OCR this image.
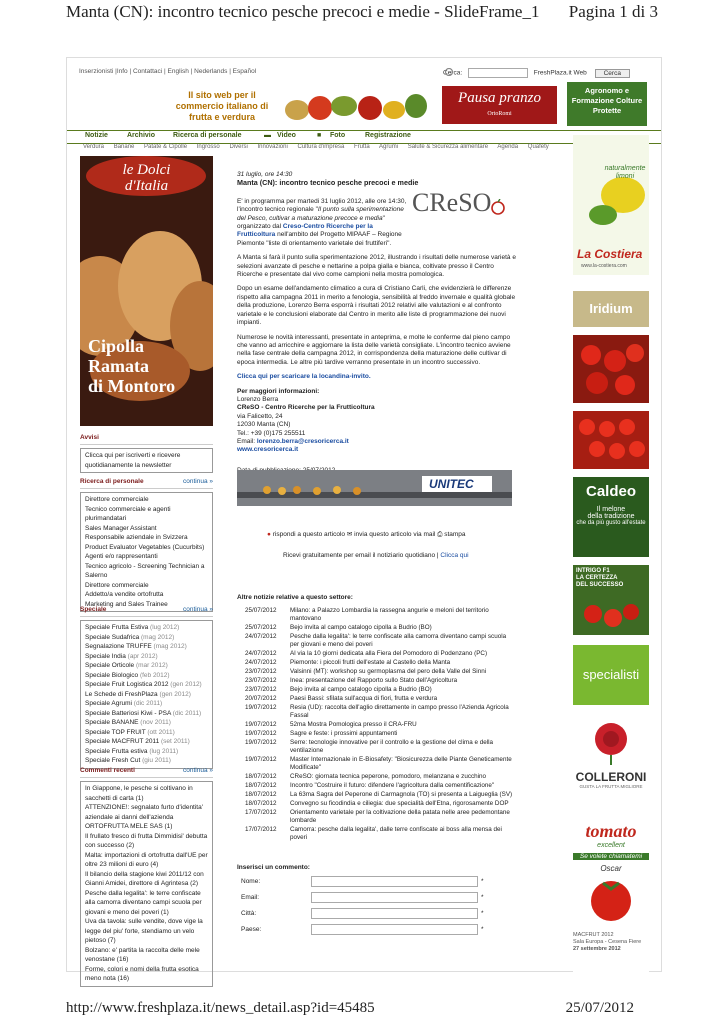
Manta (CN): incontro tecnico pesche precoci e medie - SlideFrame_1 Pagina 1 di 3
Inserzionisti |Info | Contattaci | English | Nederlands | Español	Cerca:	FreshPlaza.it Web	Cerca
Il sito web per il commercio italiano di frutta e verdura
Pausa pranzo
OrtoRomi
Agronomo e
Formazione Colture
Protette
Notizie	Archivio	Ricerca di personale	▬ Video	■ Foto	Registrazione
Verdura Banane Patate & Cipolle Ingrosso Diversi Innovazioni Cultura d'impresa Frutta Agrumi Salute & Sicurezza alimentare Agenda Quafety
le Dolci
d'Italia
Cipolla
Ramata
di Montoro
Avvisi
Clicca qui per iscriverti e ricevere quotidianamente la newsletter
Ricerca di personale	continua »
Direttore commerciale
Tecnico commerciale e agenti plurimandatari
Sales Manager Assistant
Responsabile aziendale in Svizzera
Product Evaluator Vegetables (Cucurbits)
Agenti e/o rappresentanti
Tecnico agricolo - Screening Technician a Salerno
Direttore commerciale
Addetto/a vendite ortofrutta
Marketing and Sales Trainee
Speciale	continua »
Speciale Frutta Estiva (lug 2012)
Speciale Sudafrica (mag 2012)
Segnalazione TRUFFE (mag 2012)
Speciale India (apr 2012)
Speciale Orticole (mar 2012)
Speciale Biologico (feb 2012)
Speciale Fruit Logistica 2012 (gen 2012)
Le Schede di FreshPlaza (gen 2012)
Speciale Agrumi (dic 2011)
Speciale Batteriosi Kiwi - PSA (dic 2011)
Speciale BANANE (nov 2011)
Speciale TOP FRUIT (ott 2011)
Speciale MACFRUT 2011 (set 2011)
Speciale Frutta estiva (lug 2011)
Speciale Fresh Cut (giu 2011)
Commenti recenti	continua »
In Giappone, le pesche si coltivano in sacchetti di carta (1)
ATTENZIONE!: segnalato furto d'identita' aziendale ai danni dell'azienda ORTOFRUTTA MELE SAS (1)
Il frullato fresco di frutta Dimmidisi' debutta con successo (2)
Malta: importazioni di ortofrutta dall'UE per oltre 23 milioni di euro (4)
Il bilancio della stagione kiwi 2011/12 con Gianni Amidei, direttore di Agrintesa (2)
Pesche dalla legalita': le terre confiscate alla camorra diventano campi scuola per giovani e meno dei poveri (1)
Uva da tavola: sulle vendite, dove vige la legge del piu' forte, stendiamo un velo pietoso (7)
Bolzano: e' partita la raccolta delle mele venostane (16)
Forme, colori e nomi della frutta esotica meno nota (16)
31 luglio, ore 14:30
Manta (CN): incontro tecnico pesche precoci e medie
CReSO

E' in programma per martedi 31 luglio 2012, alle ore 14:30, l'incontro tecnico regionale "Il punto sulla sperimentazione del Pesco, cultivar a maturazione precoce e media" organizzato dal Creso-Centro Ricerche per la Frutticoltura nell'ambito del Progetto MIPAAF – Regione Piemonte "liste di orientamento varietale dei fruttiferi".

A Manta si farà il punto sulla sperimentazione 2012, illustrando i risultati delle numerose varietà e selezioni avanzate di pesche e nettarine a polpa gialla e bianca, coltivate presso il Centro Ricerche e presentate dal vivo come campioni nella mostra pomologica.

Dopo un esame dell'andamento climatico a cura di Cristiano Carli, che evidenzierà le differenze rispetto alla campagna 2011 in merito a fenologia, sensibilità al freddo invernale e qualità globale della produzione, Lorenzo Berra esporrà i risultati 2012 relativi alle valutazioni e al confronto varietale e le conclusioni elaborate dal Centro in merito alle liste di programmazione dei nuovi impianti.

Numerose le novità interessanti, presentate in anteprima, e molte le conferme dal pieno campo che vanno ad arricchire e aggiornare la lista delle varietà consigliate. L'incontro tecnico avviene nella fase centrale della campagna 2012, in corrispondenza della maturazione delle cultivar di epoca intermedia. Le altre più tardive verranno presentate in un incontro successivo.

Clicca qui per scaricare la locandina-invito.

Per maggiori informazioni:
Lorenzo Berra
CReSO - Centro Ricerche per la Frutticoltura
via Falicetto, 24
12030 Manta (CN)
Tel.: +39 (0)175 255511
Email: lorenzo.berra@cresoricerca.it
www.cresoricerca.it

UNITEC
● rispondi a questo articolo ✉ invia questo articolo via mail ⎙ stampa
Ricevi gratuitamente per email il notiziario quotidiano | Clicca qui
Altre notizie relative a questo settore:
25/07/2012	Milano: a Palazzo Lombardia la rassegna angurie e meloni del territorio mantovano
25/07/2012	Bejo invita al campo catalogo cipolla a Budrio (BO)
24/07/2012	Pesche dalla legalita': le terre confiscate alla camorra diventano campi scuola per giovani e meno dei poveri
24/07/2012	Al via la 10 giorni dedicata alla Fiera del Pomodoro di Podenzano (PC)
24/07/2012	Piemonte: i piccoli frutti dell'estate al Castello della Manta
23/07/2012	Valsinni (MT): workshop su germoplasma del pero della Valle del Sinni
23/07/2012	Inea: presentazione del Rapporto sullo Stato dell'Agricoltura
23/07/2012	Bejo invita al campo catalogo cipolla a Budrio (BO)
20/07/2012	Paesi Bassi: sfilata sull'acqua di fiori, frutta e verdura
19/07/2012	Resia (UD): raccolta dell'aglio direttamente in campo presso l'Azienda Agricola Fassal
19/07/2012	52ma Mostra Pomologica presso il CRA-FRU
19/07/2012	Sagre e feste: i prossimi appuntamenti
19/07/2012	Serre: tecnologie innovative per il controllo e la gestione del clima e della ventilazione
19/07/2012	Master Internazionale in E-Biosafety: "Biosicurezza delle Piante Geneticamente Modificate"
18/07/2012	CReSO: giornata tecnica peperone, pomodoro, melanzana e zucchino
18/07/2012	Incontro "Costruire il futuro: difendere l'agricoltura dalla cementificazione"
18/07/2012	La 63ma Sagra del Peperone di Carmagnola (TO) si presenta a Laigueglia (SV)
18/07/2012	Convegno su ficodindia e ciliegia: due specialità dell'Etna, rigorosamente DOP
17/07/2012	Orientamento varietale per la coltivazione della patata nelle aree pedemontane lombarde
17/07/2012	Camorra: pesche dalla legalita', dalle terre confiscate ai boss alla mensa dei poveri
Inserisci un commento:
Nome:	*
Email:	*
Città:	*
Paese:	*
La Costiera
naturalmente limoni
www.la-costiera.com
Iridium
Caldeo
Il melone
della tradizione
che da più gusto all'estate
INTRIGO F1
LA CERTEZZA
DEL SUCCESSO
specialisti
COLLERONI
GUSTA LA FRUTTA MIGLIORE
tomato
excellent
Se volete chiamatemi
Oscar
MACFRUT 2012
Sala Europa - Cesena Fiere
27 settembre 2012
http://www.freshplaza.it/news_detail.asp?id=45485	25/07/2012
